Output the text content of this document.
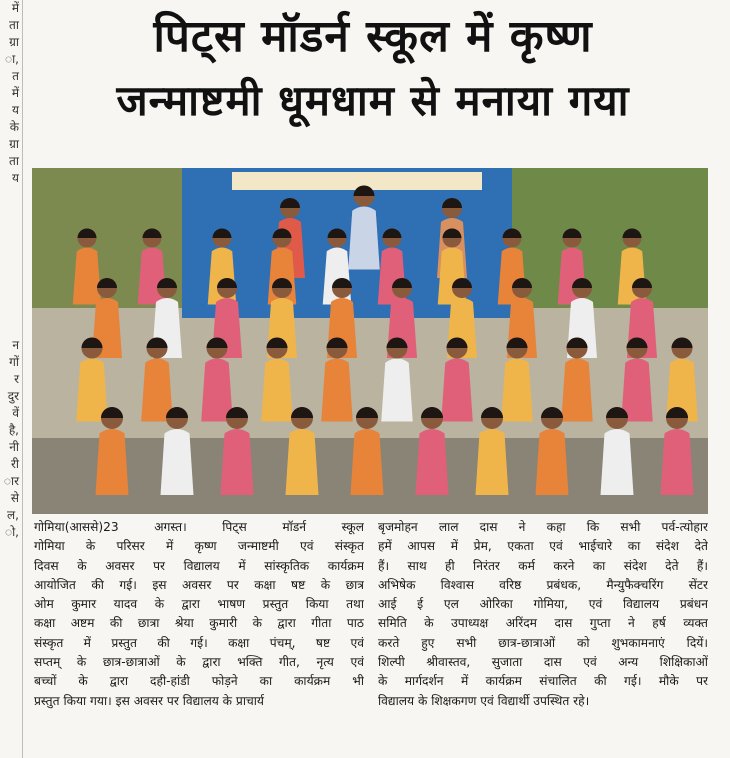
में
ता
ग्रा
ा,
त
में
य
के
ग्रा
ता
य
न
गों
र
दुर
वें
है,
नी
री
ार
से
ल,
ो,
पिट्स मॉडर्न स्कूल में कृष्ण
जन्माष्टमी धूमधाम से मनाया गया
गोमिया(आससे)23 अगस्त। पिट्स मॉडर्न स्कूल
गोमिया के परिसर में कृष्ण जन्माष्टमी एवं संस्कृत
दिवस के अवसर पर विद्यालय में सांस्कृतिक कार्यक्रम
आयोजित की गई। इस अवसर पर कक्षा षष्ट के छात्र
ओम कुमार यादव के द्वारा भाषण प्रस्तुत किया तथा
कक्षा अष्टम की छात्रा श्रेया कुमारी के द्वारा गीता पाठ
संस्कृत में प्रस्तुत की गई। कक्षा पंचम्, षष्ट एवं
सप्तम् के छात्र-छात्राओं के द्वारा भक्ति गीत, नृत्य एवं
बच्चों के द्वारा दही-हांडी फोड़ने का कार्यक्रम भी
प्रस्तुत किया गया। इस अवसर पर विद्यालय के प्राचार्य
बृजमोहन लाल दास ने कहा कि सभी पर्व-त्योहार
हमें आपस में प्रेम, एकता एवं भाईचारे का संदेश देते
हैं। साथ ही निरंतर कर्म करने का संदेश देते हैं।
अभिषेक विश्वास वरिष्ठ प्रबंधक, मैन्युफैक्चरिंग सेंटर
आई ई एल ओरिका गोमिया, एवं विद्यालय प्रबंधन
समिति के उपाध्यक्ष अरिंदम दास गुप्ता ने हर्ष व्यक्त
करते हुए सभी छात्र-छात्राओं को शुभकामनाएं दियें।
शिल्पी श्रीवास्तव, सुजाता दास एवं अन्य शिक्षिकाओं
के मार्गदर्शन में कार्यक्रम संचालित की गई। मौके पर
विद्यालय के शिक्षकगण एवं विद्यार्थी उपस्थित रहे।
